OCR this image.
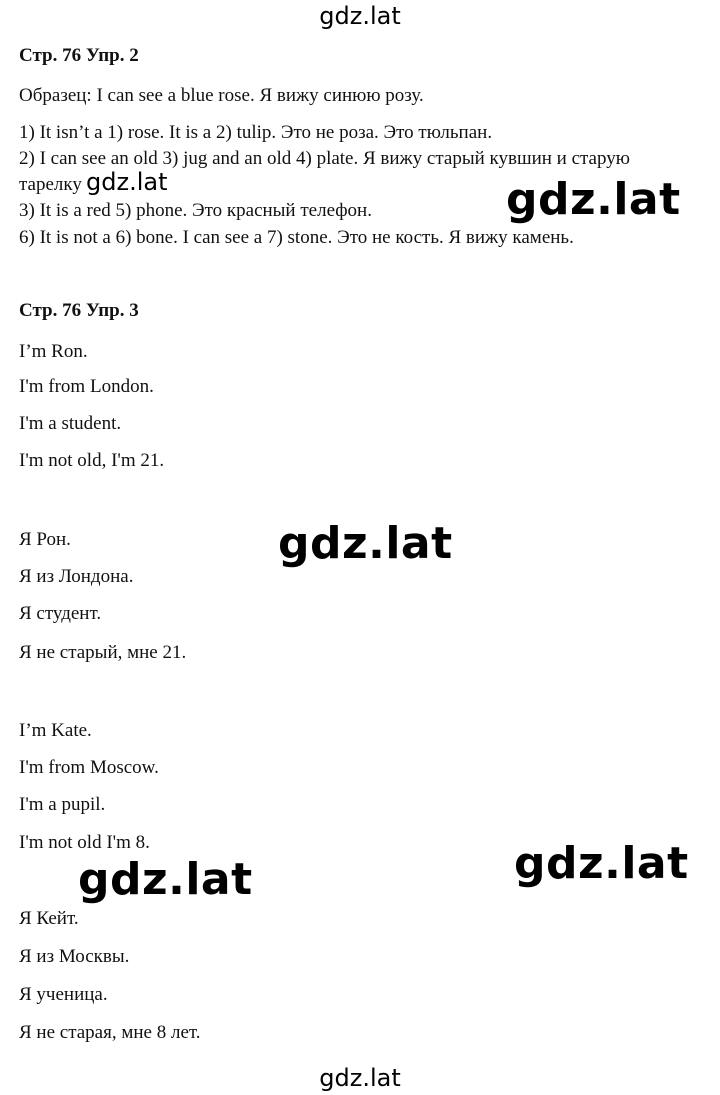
gdz.lat
gdz.lat	gdz.lat
gdz.lat
gdz.lat
gdz.lat
gdz.lat
Стр. 76 Упр. 2
Образец: I can see a blue rose. Я вижу синюю розу.
1) It isn’t a 1) rose. It is a 2) tulip. Это не роза. Это тюльпан.
2) I can see an old 3) jug and an old 4) plate. Я вижу старый кувшин и старую
тарелку
3) It is a red 5) phone. Это красный телефон.
6) It is not a 6) bone. I can see a 7) stone. Это не кость. Я вижу камень.
Стр. 76 Упр. 3
I’m Ron.
I'm from London.
I'm a student.
I'm not old, I'm 21.
Я Рон.
Я из Лондона.
Я студент.
Я не старый, мне 21.
I’m Kate.
I'm from Moscow.
I'm a pupil.
I'm not old I'm 8.
Я Кейт.
Я из Москвы.
Я ученица.
Я не старая, мне 8 лет.
